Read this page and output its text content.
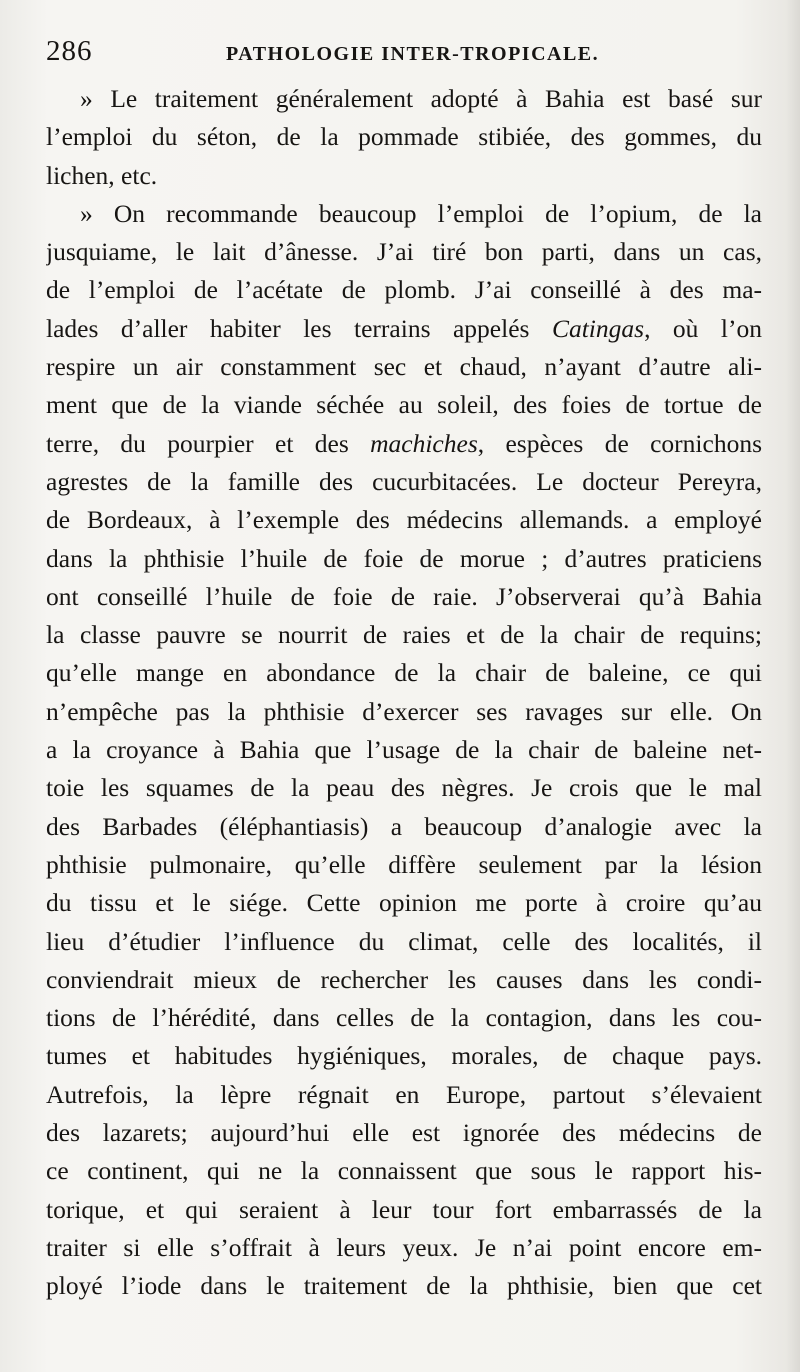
286	PATHOLOGIE INTER-TROPICALE.
» Le traitement généralement adopté à Bahia est basé sur
l’emploi du séton, de la pommade stibiée, des gommes, du
lichen, etc.
» On recommande beaucoup l’emploi de l’opium, de la
jusquiame, le lait d’ânesse. J’ai tiré bon parti, dans un cas,
de l’emploi de l’acétate de plomb. J’ai conseillé à des ma-
lades d’aller habiter les terrains appelés Catingas, où l’on
respire un air constamment sec et chaud, n’ayant d’autre ali-
ment que de la viande séchée au soleil, des foies de tortue de
terre, du pourpier et des machiches, espèces de cornichons
agrestes de la famille des cucurbitacées. Le docteur Pereyra,
de Bordeaux, à l’exemple des médecins allemands. a employé
dans la phthisie l’huile de foie de morue ; d’autres praticiens
ont conseillé l’huile de foie de raie. J’observerai qu’à Bahia
la classe pauvre se nourrit de raies et de la chair de requins;
qu’elle mange en abondance de la chair de baleine, ce qui
n’empêche pas la phthisie d’exercer ses ravages sur elle. On
a la croyance à Bahia que l’usage de la chair de baleine net-
toie les squames de la peau des nègres. Je crois que le mal
des Barbades (éléphantiasis) a beaucoup d’analogie avec la
phthisie pulmonaire, qu’elle diffère seulement par la lésion
du tissu et le siége. Cette opinion me porte à croire qu’au
lieu d’étudier l’influence du climat, celle des localités, il
conviendrait mieux de rechercher les causes dans les condi-
tions de l’hérédité, dans celles de la contagion, dans les cou-
tumes et habitudes hygiéniques, morales, de chaque pays.
Autrefois, la lèpre régnait en Europe, partout s’élevaient
des lazarets; aujourd’hui elle est ignorée des médecins de
ce continent, qui ne la connaissent que sous le rapport his-
torique, et qui seraient à leur tour fort embarrassés de la
traiter si elle s’offrait à leurs yeux. Je n’ai point encore em-
ployé l’iode dans le traitement de la phthisie, bien que cet
